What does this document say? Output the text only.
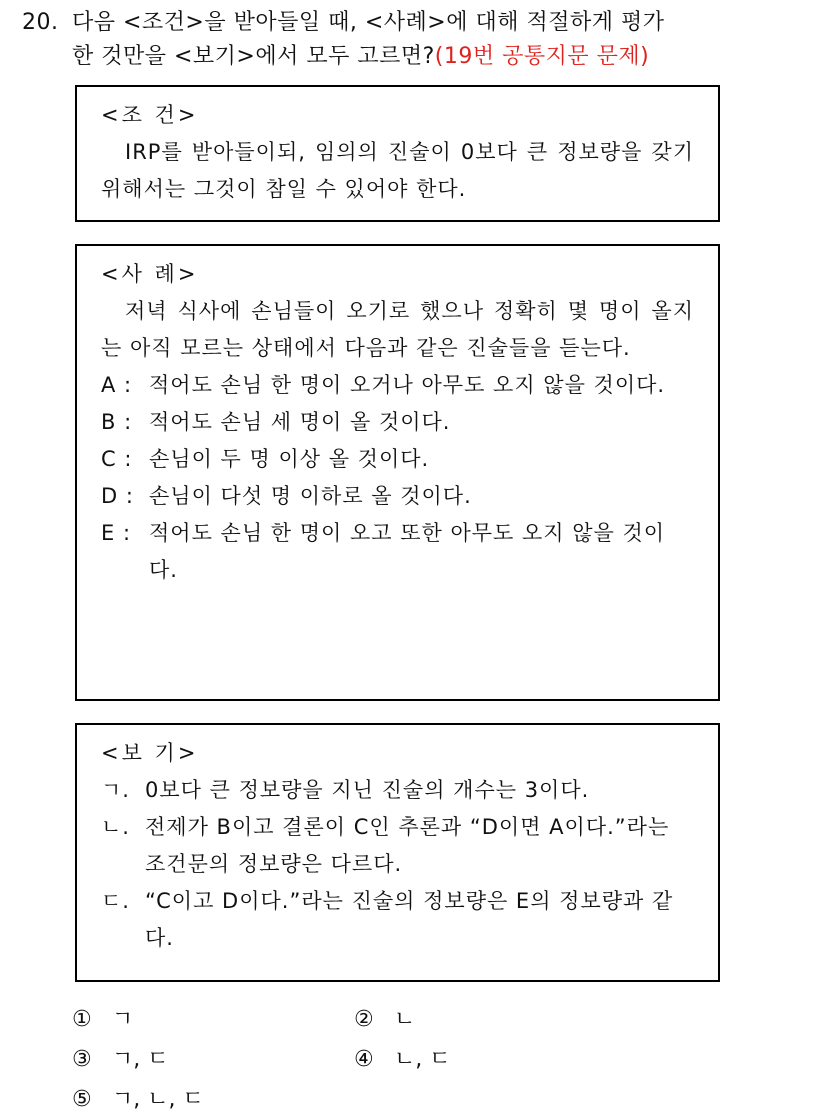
20. 다음 <조건>을 받아들일 때, <사례>에 대해 적절하게 평가
한 것만을 <보기>에서 모두 고르면?(19번 공통지문 문제)
<조 건>
IRP를 받아들이되, 임의의 진술이 0보다 큰 정보량을 갖기 위해서는 그것이 참일 수 있어야 한다.
<사 례>
저녁 식사에 손님들이 오기로 했으나 정확히 몇 명이 올지는 아직 모르는 상태에서 다음과 같은 진술들을 듣는다.
A : 적어도 손님 한 명이 오거나 아무도 오지 않을 것이다.
B : 적어도 손님 세 명이 올 것이다.
C : 손님이 두 명 이상 올 것이다.
D : 손님이 다섯 명 이하로 올 것이다.
E : 적어도 손님 한 명이 오고 또한 아무도 오지 않을 것이다.
<보 기>
ㄱ. 0보다 큰 정보량을 지닌 진술의 개수는 3이다.
ㄴ. 전제가 B이고 결론이 C인 추론과 “D이면 A이다.”라는 조건문의 정보량은 다르다.
ㄷ. “C이고 D이다.”라는 진술의 정보량은 E의 정보량과 같다.
① ㄱ	② ㄴ
③ ㄱ, ㄷ	④ ㄴ, ㄷ
⑤ ㄱ, ㄴ, ㄷ
